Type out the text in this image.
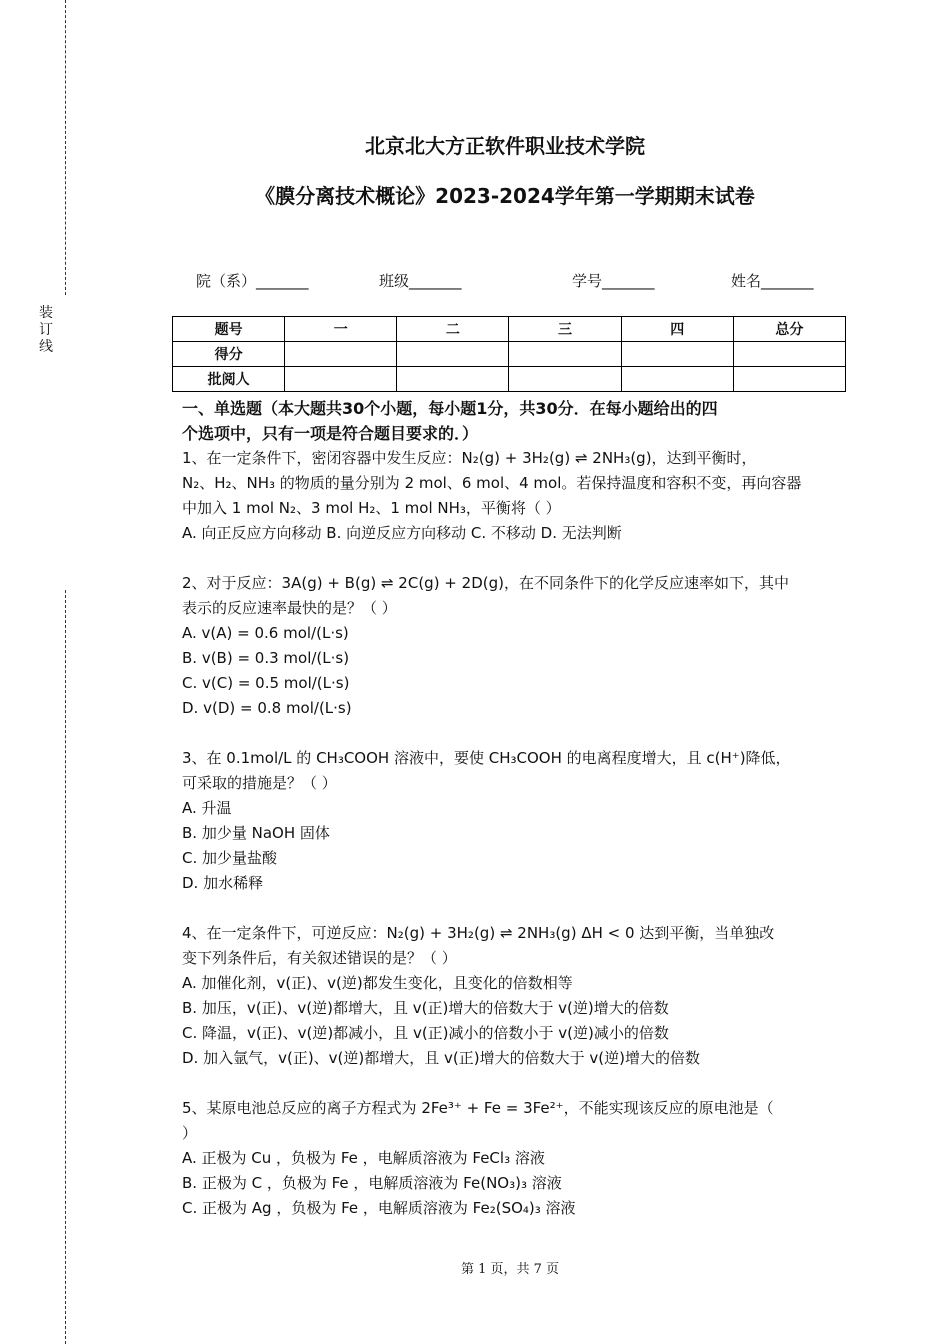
装
订
线
北京北大方正软件职业技术学院
《膜分离技术概论》2023-2024学年第一学期期末试卷
院（系）_______	班级_______	学号_______	姓名_______
题号	一	二	三	四	总分
得分					
批阅人					

一、单选题（本大题共30个小题，每小题1分，共30分．在每小题给出的四

个选项中，只有一项是符合题目要求的．）

1、在一定条件下，密闭容器中发生反应：N₂(g) + 3H₂(g) ⇌ 2NH₃(g)，达到平衡时，

N₂、H₂、NH₃ 的物质的量分别为 2 mol、6 mol、4 mol。若保持温度和容积不变，再向容器

中加入 1 mol N₂、3 mol H₂、1 mol NH₃，平衡将（ ）

A. 向正反应方向移动 B. 向逆反应方向移动 C. 不移动 D. 无法判断

2、对于反应：3A(g) + B(g) ⇌ 2C(g) + 2D(g)，在不同条件下的化学反应速率如下，其中

表示的反应速率最快的是？（ ）

A. v(A) = 0.6 mol/(L·s)

B. v(B) = 0.3 mol/(L·s)

C. v(C) = 0.5 mol/(L·s)

D. v(D) = 0.8 mol/(L·s)

3、在 0.1mol/L 的 CH₃COOH 溶液中，要使 CH₃COOH 的电离程度增大，且 c(H⁺)降低，

可采取的措施是？（ ）

A. 升温

B. 加少量 NaOH 固体

C. 加少量盐酸

D. 加水稀释

4、在一定条件下，可逆反应：N₂(g) + 3H₂(g) ⇌ 2NH₃(g) ΔH < 0 达到平衡，当单独改

变下列条件后，有关叙述错误的是？（ ）

A. 加催化剂，v(正)、v(逆)都发生变化，且变化的倍数相等

B. 加压，v(正)、v(逆)都增大，且 v(正)增大的倍数大于 v(逆)增大的倍数

C. 降温，v(正)、v(逆)都减小，且 v(正)减小的倍数小于 v(逆)减小的倍数

D. 加入氩气，v(正)、v(逆)都增大，且 v(正)增大的倍数大于 v(逆)增大的倍数

5、某原电池总反应的离子方程式为 2Fe³⁺ + Fe = 3Fe²⁺，不能实现该反应的原电池是（

）

A. 正极为 Cu ，负极为 Fe ，电解质溶液为 FeCl₃ 溶液

B. 正极为 C ，负极为 Fe ，电解质溶液为 Fe(NO₃)₃ 溶液

C. 正极为 Ag ，负极为 Fe ，电解质溶液为 Fe₂(SO₄)₃ 溶液

第 1 页，共 7 页
